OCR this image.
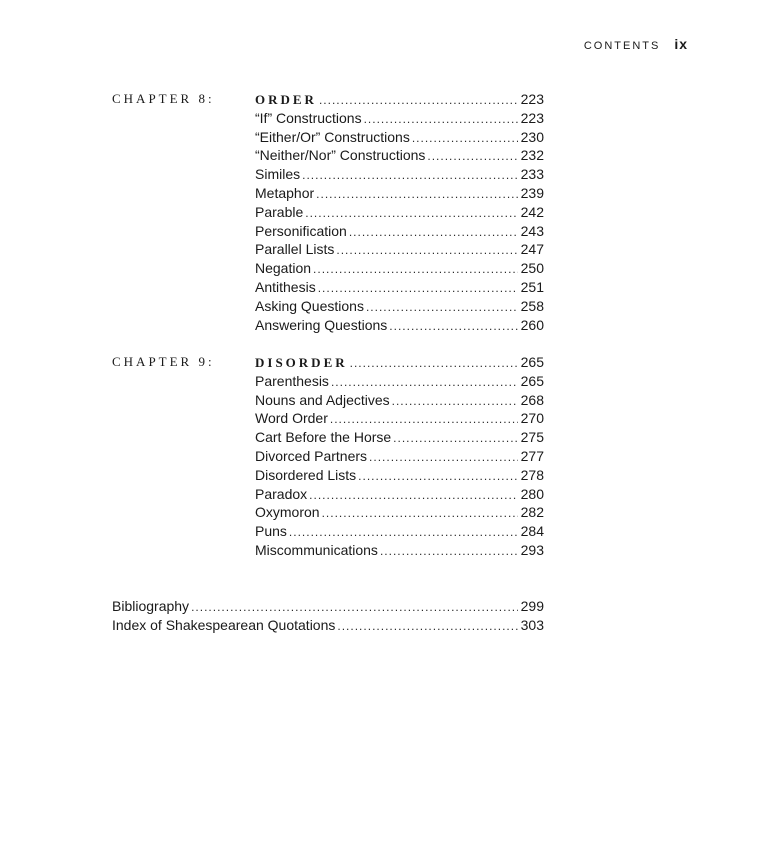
CONTENTS ix
CHAPTER 8:	ORDER .....	223
“If” Constructions .....	223
“Either/Or” Constructions .....	230
“Neither/Nor” Constructions .....	232
Similes .....	233
Metaphor .....	239
Parable .....	242
Personification .....	243
Parallel Lists .....	247
Negation .....	250
Antithesis .....	251
Asking Questions .....	258
Answering Questions .....	260
CHAPTER 9:	DISORDER .....	265
Parenthesis .....	265
Nouns and Adjectives .....	268
Word Order .....	270
Cart Before the Horse .....	275
Divorced Partners .....	277
Disordered Lists .....	278
Paradox .....	280
Oxymoron .....	282
Puns .....	284
Miscommunications .....	293
Bibliography .....	299
Index of Shakespearean Quotations .....	303
